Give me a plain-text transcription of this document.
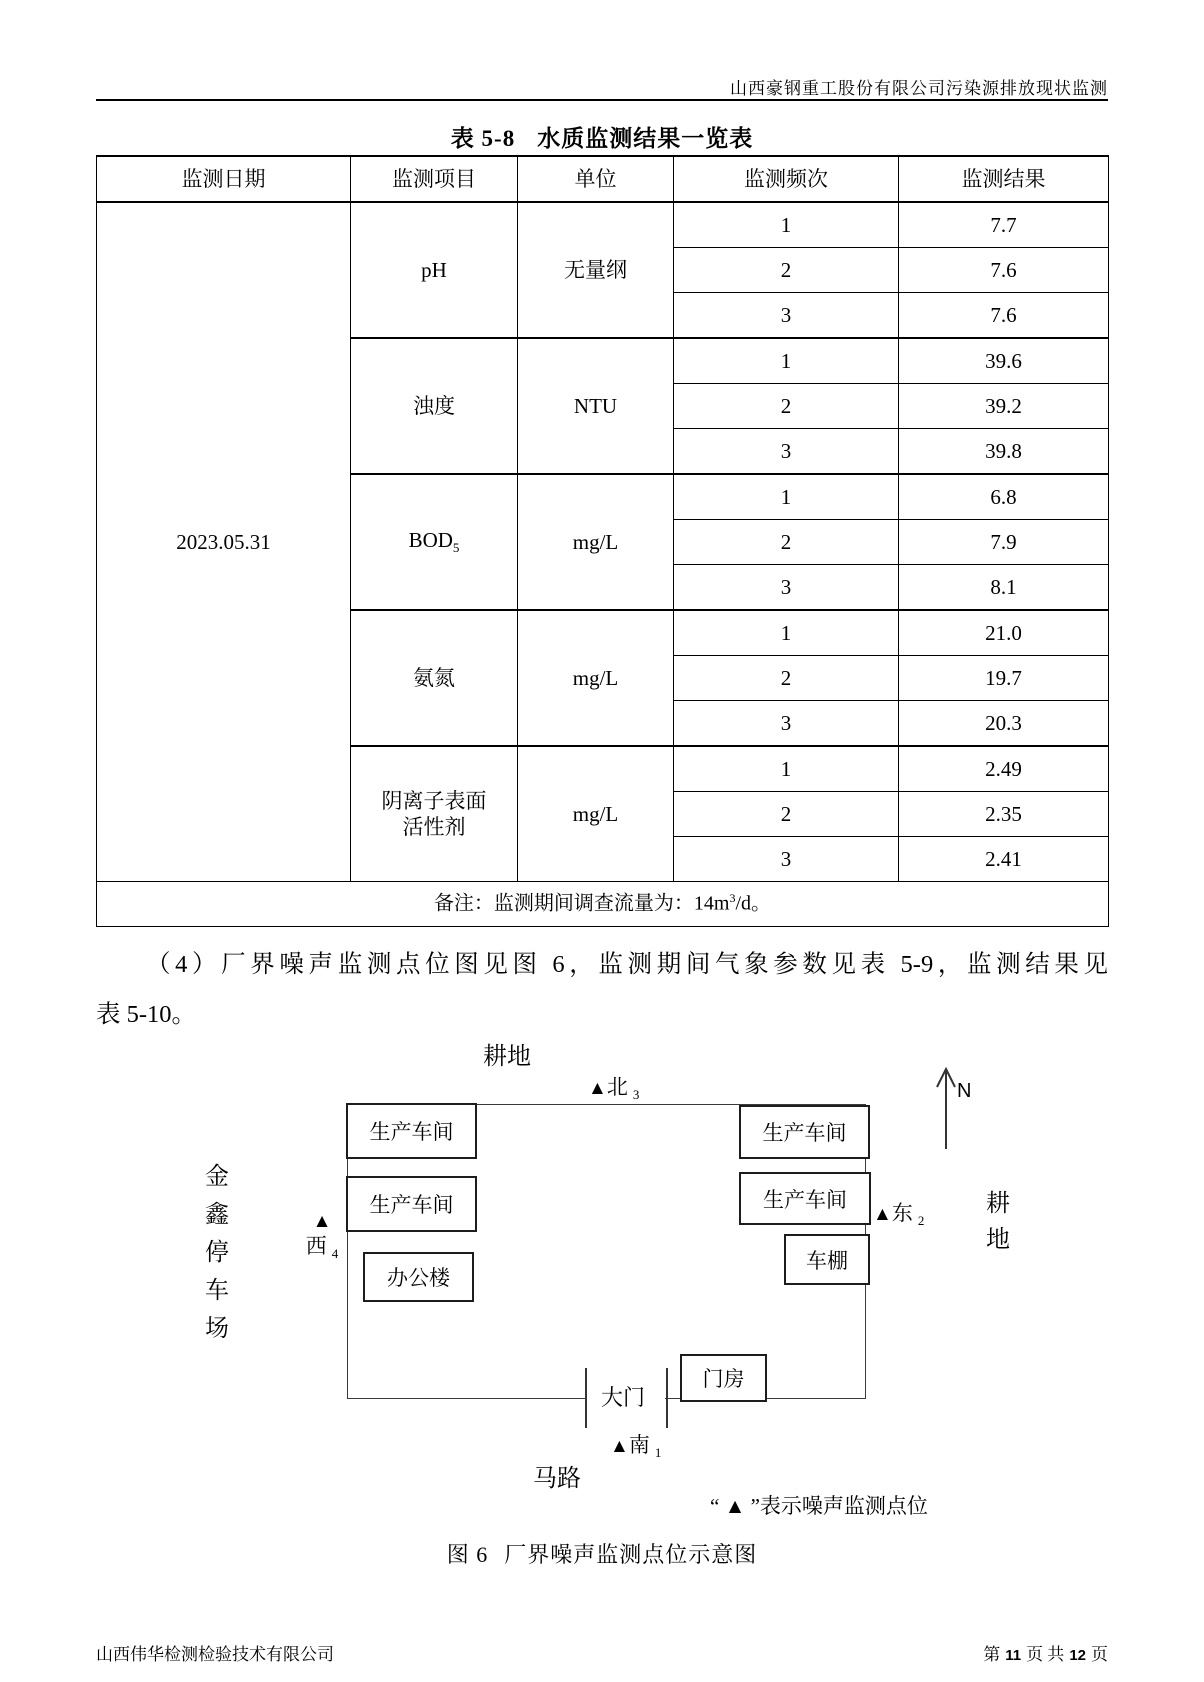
山西豪钢重工股份有限公司污染源排放现状监测
表 5-8 水质监测结果一览表
监测日期	监测项目	单位	监测频次	监测结果
2023.05.31	pH	无量纲	1	7.7
			2	7.6
			3	7.6
	浊度	NTU	1	39.6
			2	39.2
			3	39.8
	$BOD_5$	mg/L	1	6.8
			2	7.9
			3	8.1
	氨氮	mg/L	1	21.0
			2	19.7
			3	20.3
	阴离子表面活性剂	mg/L	1	2.49
			2	2.35
			3	2.41
备注：监测期间调查流量为：$14m^3/d$。				
（4）厂界噪声监测点位图见图 6，监测期间气象参数见表 5-9，监测结果见
表 5-10。
耕地
▲北 $_3$	N
生产车间
生产车间
办公楼
生产车间
生产车间
车棚
门房
大门
▲南 $_1$
马路
▲
西 $_4$
▲东 $_2$
金鑫停车场
耕地
“ ▲ ”表示噪声监测点位
图 6 厂界噪声监测点位示意图
山西伟华检测检验技术有限公司	第 11 页 共 12 页
